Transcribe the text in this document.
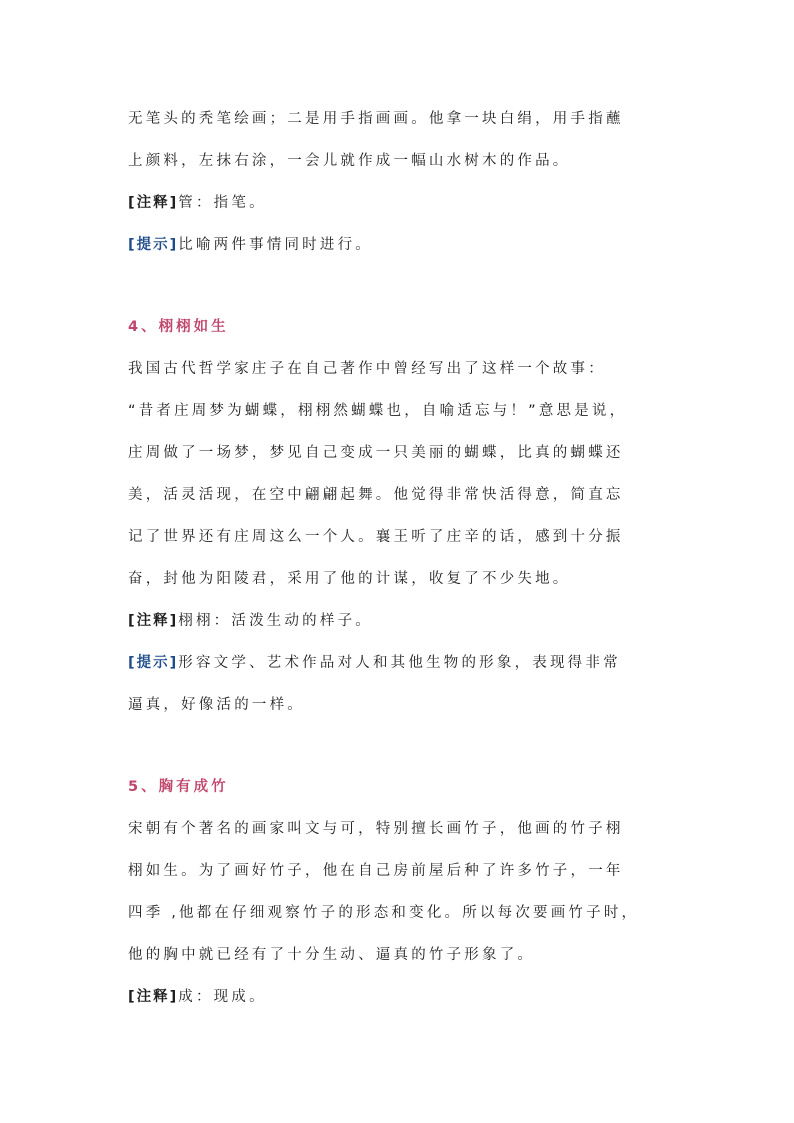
无笔头的秃笔绘画；二是用手指画画。他拿一块白绢，用手指蘸
上颜料，左抹右涂，一会儿就作成一幅山水树木的作品。
[注释]管：指笔。
[提示]比喻两件事情同时进行。
4、栩栩如生
我国古代哲学家庄子在自己著作中曾经写出了这样一个故事：
“昔者庄周梦为蝴蝶，栩栩然蝴蝶也，自喻适忘与！”意思是说，
庄周做了一场梦，梦见自己变成一只美丽的蝴蝶，比真的蝴蝶还
美，活灵活现，在空中翩翩起舞。他觉得非常快活得意，简直忘
记了世界还有庄周这么一个人。襄王听了庄辛的话，感到十分振
奋，封他为阳陵君，采用了他的计谋，收复了不少失地。
[注释]栩栩：活泼生动的样子。
[提示]形容文学、艺术作品对人和其他生物的形象，表现得非常
逼真，好像活的一样。
5、胸有成竹
宋朝有个著名的画家叫文与可，特别擅长画竹子，他画的竹子栩
栩如生。为了画好竹子，他在自己房前屋后种了许多竹子，一年
四季 ,他都在仔细观察竹子的形态和变化。所以每次要画竹子时，
他的胸中就已经有了十分生动、逼真的竹子形象了。
[注释]成：现成。
